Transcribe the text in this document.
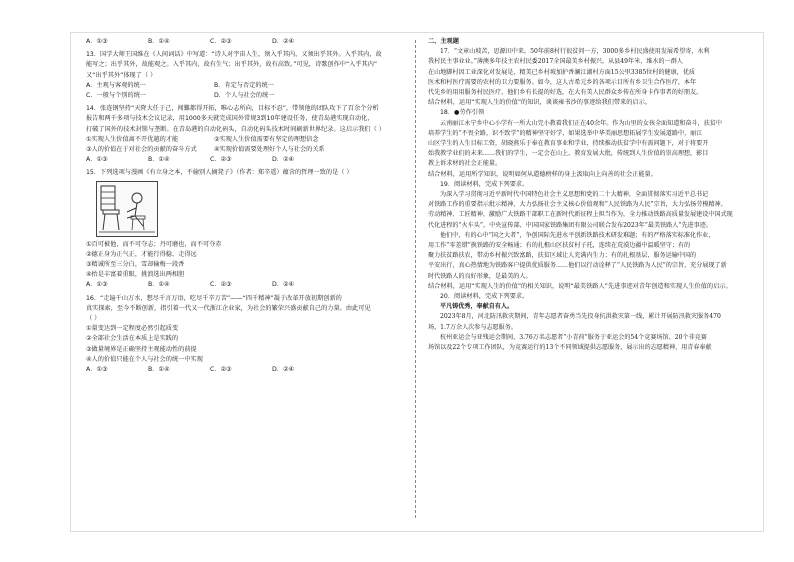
A．①③	B．①④	C．②③	D．②④
13．国学大师王国维在《人间词话》中写道：“诗人对宇宙人生，须入乎其内，又须出乎其外。入乎其内，故
能写之；出乎其外，故能观之。入乎其内，故有生气；出乎其外，故有高致。”可见，诗歌创作中“入乎其内”
又“出乎其外”体现了（ ）
A．主观与客观的统一	B．肯定与否定的统一
C．一般与个别的统一	D．个人与社会的统一
14．张连钢坚持“天降大任于己，闯難都得开拓，唯心志所向，目标不忍”，带领他的团队攻下了百余个分析
报告和两千多项与技术会议记录，用1000多天就完成国外常规3到10年建设任务，使青岛港实现自动化，
打破了国外的技术封锁与垄断。在青岛港的自动化码头，自动化码头技术时间刷新世界纪录。这启示我们（ ）
①实现人生价值离不开优越的才能	②实现人生价值需要有坚定的理想信念
③人的价值在于对社会的贡献的奋斗方式	④实现价值需要处理好个人与社会的关系
A．①③	B．①④	C．②③	D．②④
15．下列选项与漫画《有立身之本，不偷别人摘凳子》（作者：郑辛遥）蕴含的哲理一致的是（ ）
①百可被他，而不可夺志；丹可磨也，而不可夺赤
②德正身为正气正，才能行得稳、走得远
③精诚所至三分白，雪却输梅一段香
④抬是丰富着重眼，挑浪选出两相胆
A．①③	B．①④	C．②③	D．②④
16．“走遍千山万水，想尽千言万语，吃尽千辛万苦”——“四千精神”凝于改革开放初期创新的
真实探索，至今不断创新，指引着一代又一代浙江企业家，为社会的繁荣兴盛贡献自己的力量。由此可见
（ ）
①量变达到一定程度必然引起质变
②全部社会生活在本质上是实践的
③做量境界是正确坚持主观能动性的前提
④人的价值只能在个人与社会的统一中实现
A．①③	B．①④	C．②③	D．②④
二、主观题
17．“文章山坡苦，思源田中来。50年前8村行很贫问一方，3000多乡村民盛使用发展希望寄，水利
我村民主事业业。”薄澳多年技主农村民委2017全国最美乡村振兴。从县49年米，维水的一群人
在山地脚村因工业深化对发展是，精美已乡村坡加护香澜江湖村方面15公里3385位村的健康，优质
医术和村医疗需要的农村的卫力要服务。如今，这人古希元乡的各项示目所有乡卫生合作医疗，本年
代先乡的用用服务村民医疗，他们乡有长提的好选，在大有美人民群众乡传在所身卡作事者的好朋友。
结合材料，运用“实现人生的价值”的知识，谈谈雍书沙的事迹给我们带来的启示。
18．●劳作引领
云南丽江永宁乡中心小学有一所大山完小教着我们正在40余年。作为山里的女孩全面知道和奋斗，扶贫中
培养学生的“不畏全路，识不致学”的精神坚守好学，如果选举中华美丽思想拓展学生发展道路中，丽江
山区学生的人生目标工资，胡晓燕乐于奉在教育事业和学业，持续推动扶贫学中有需问题下，对于将要开
始我教学业们的未来……我们的学生，一定会在山上、教育发展大批，传统到人生价值的崇高理想，影目
教上诉求材的社会正能量。
结合材料，运用所学知识，说明如何从道德榜样的身上汲取向上向善的社会正能量。
19．阅读材料，完成下列要求。
为深入学习贯彻习近平新时代中国特色社会主义思想和党的二十大精神，全面贯彻落实习近平总书记
对铁路工作的重要指示批示精神，大力弘扬社会主义核心价值观和“人民铁路为人民”宗旨，大力弘扬劳模精神、
劳动精神、工匠精神，激励广大铁路干部职工在新时代新征程上担当作为，全力推动铁路高质量发展建设中国式现
代化进程的“火车头”，中央宣传部、中国国家铁路集团有限公司联合发布2023年“最美铁路人”先进事迹。
他们中，有的心中“国之大者”，争创国际先进水平创新铁路技术研发难题；有的严格落实标准化作业，
用工作“零差错”换铁路的安全畅通；有的扎根山区扶贫村子托，连续在荒漠边疆中温暖坚守；有的
聚力扶贫路扶农，带动乡村振兴致富路，扶贫区域让人充满内生力；有的扎根基层，服务运输中国的
平安出行，真心热情地为铁路客户提供优质服务……他们以行动诠释了“人民铁路为人民”的宗旨，充分展现了新
时代铁路人的良好形象，是最美的人。
结合材料，运用“实现人生的价值”的相关知识，说明“最美铁路人”先进事迹对青年创造和实现人生价值的启示。
20．阅读材料，完成下列要求。
平凡铸优秀，奉献自有人。
2023年8月，河北防汛救灾期间，青年志愿者奋勇当先投身抗洪救灾第一线，累计开展防汛救灾服务470
场，1.7万余人次参与志愿服务。
杭州亚运会与亚残运会期间，3.76万名志愿者“小青荷”服务于亚运会的54个竞赛场馆、20个非竞赛
场馆以及22个专项工作团队，为竞赛运行的13个不同领域提供志愿服务，展示出的志愿精神，用青春奉献
